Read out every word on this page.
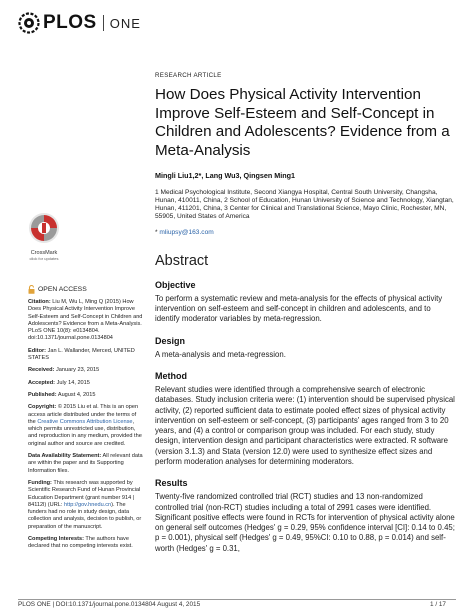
PLOS ONE
CrossMark
click for updates
OPEN ACCESS

Citation: Liu M, Wu L, Ming Q (2015) How Does Physical Activity Intervention Improve Self-Esteem and Self-Concept in Children and Adolescents? Evidence from a Meta-Analysis. PLoS ONE 10(8): e0134804. doi:10.1371/journal.pone.0134804

Editor: Jan L. Wallander, Merced, UNITED STATES

Received: January 23, 2015

Accepted: July 14, 2015

Published: August 4, 2015

Copyright: © 2015 Liu et al. This is an open access article distributed under the terms of the Creative Commons Attribution License, which permits unrestricted use, distribution, and reproduction in any medium, provided the original author and source are credited.

Data Availability Statement: All relevant data are within the paper and its Supporting Information files.

Funding: This research was supported by Scientific Research Fund of Hunan Provincial Education Department (grant number 914 | 84112l) (URL: http://gov.hnedu.cn). The funders had no role in study design, data collection and analysis, decision to publish, or preparation of the manuscript.

Competing Interests: The authors have declared that no competing interests exist.

RESEARCH ARTICLE
How Does Physical Activity Intervention Improve Self-Esteem and Self-Concept in Children and Adolescents? Evidence from a Meta-Analysis
Mingli Liu1,2*, Lang Wu3, Qingsen Ming1
1 Medical Psychological Institute, Second Xiangya Hospital, Central South University, Changsha, Hunan, 410011, China, 2 School of Education, Hunan University of Science and Technology, Xiangtan, Hunan, 411201, China, 3 Center for Clinical and Translational Science, Mayo Clinic, Rochester, MN, 55905, United States of America
* mliupsy@163.com
Abstract
Objective
To perform a systematic review and meta-analysis for the effects of physical activity intervention on self-esteem and self-concept in children and adolescents, and to identify moderator variables by meta-regression.
Design
A meta-analysis and meta-regression.
Method
Relevant studies were identified through a comprehensive search of electronic databases. Study inclusion criteria were: (1) intervention should be supervised physical activity, (2) reported sufficient data to estimate pooled effect sizes of physical activity intervention on self-esteem or self-concept, (3) participants' ages ranged from 3 to 20 years, and (4) a control or comparison group was included. For each study, study design, intervention design and participant characteristics were extracted. R software (version 3.1.3) and Stata (version 12.0) were used to synthesize effect sizes and perform moderation analyses for determining moderators.
Results
Twenty-five randomized controlled trial (RCT) studies and 13 non-randomized controlled trial (non-RCT) studies including a total of 2991 cases were identified. Significant positive effects were found in RCTs for intervention of physical activity alone on general self outcomes (Hedges' g = 0.29, 95% confidence interval [CI]: 0.14 to 0.45; p = 0.001), physical self (Hedges' g = 0.49, 95%CI: 0.10 to 0.88, p = 0.014) and self-worth (Hedges' g = 0.31,
PLOS ONE | DOI:10.1371/journal.pone.0134804 August 4, 2015	1 / 17
